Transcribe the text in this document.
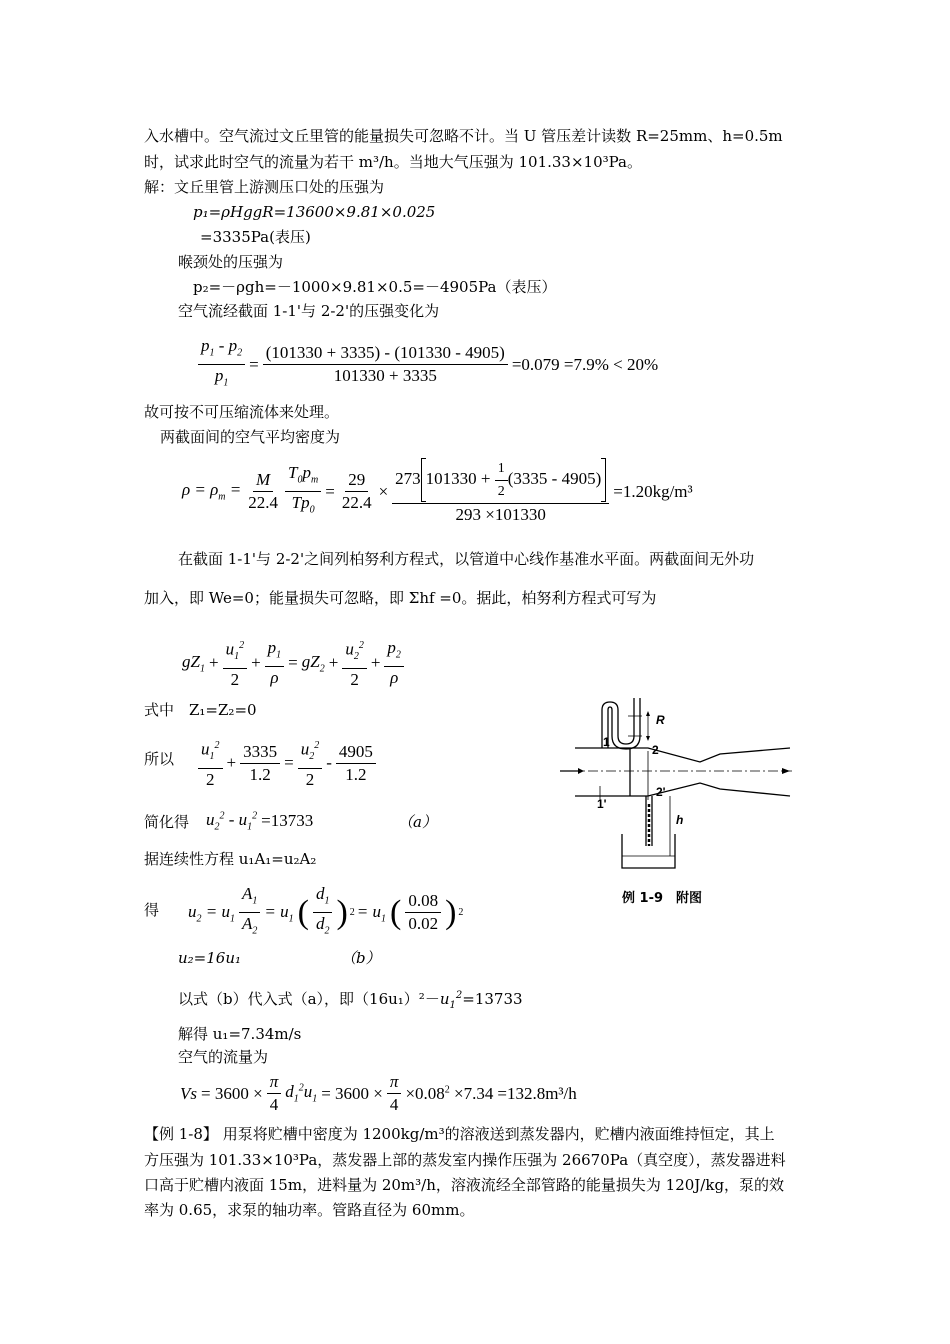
入水槽中。空气流过文丘里管的能量损失可忽略不计。当 U 管压差计读数 R=25mm、h=0.5m
时，试求此时空气的流量为若干 m³/h。当地大气压强为 101.33×10³Pa。
解：文丘里管上游测压口处的压强为
p₁=ρHggR=13600×9.81×0.025
=3335Pa(表压)
喉颈处的压强为
p₂=－ρgh=－1000×9.81×0.5=－4905Pa（表压）
空气流经截面 1-1'与 2-2'的压强变化为
$\frac{p_1 - p_2}{p_1} = \frac{(101330 + 3335) - (101330 - 4905)}{101330 + 3335} =0.079 =7.9\% < 20\%$
故可按不可压缩流体来处理。
两截面间的空气平均密度为
$\rho = \rho_m = \frac{M}{22.4} \frac{T_0p_m}{Tp_0} = \frac{29}{22.4} \times \frac{273 101330 + \frac{1}{2} (3335 - 4905)}{293 \times 101330} =1.20kg/m^3$
在截面 1-1'与 2-2'之间列柏努利方程式，以管道中心线作基准水平面。两截面间无外功
加入，即 We=0；能量损失可忽略，即 Σhf =0。据此，柏努利方程式可写为
$gZ_1 + \frac{u_1^2}{2} + \frac{p_1}{\rho} = gZ_2 + \frac{u_2^2}{2} + \frac{p_2}{\rho}$
式中　Z₁=Z₂=0
所以
$u_1^2$
2
+ $\frac{3335}{1.2} = \frac{u_2^2}{2}$ -
4905
1.2
简化得 $u_2^2 - u_1^2 =13733$	（a）
据连续性方程 u₁A₁=u₂A₂
得 $u_2 = u_1 \frac{A_1}{A_2} = u_1$ (
$d_1$
$d_2$
) $2 = u_1$ ( 0.08
0.02 ) 2
u₂=16u₁	（b）
以式（b）代入式（a），即$(16u_1)^2-u_1^2=13733$
解得 u₁=7.34m/s
空气的流量为
$Vs = 3600 \times \frac{\pi}{4} d_1^2u_1 = 3600 \times \frac{\pi}{4} \times 0.08^2 \times 7.34 =132.8m^3/h$
【例 1-8】 用泵将贮槽中密度为 1200kg/m³的溶液送到蒸发器内，贮槽内液面维持恒定，其上
方压强为 101.33×10³Pa，蒸发器上部的蒸发室内操作压强为 26670Pa（真空度），蒸发器进料
口高于贮槽内液面 15m，进料量为 20m³/h，溶液流经全部管路的能量损失为 120J/kg，泵的效
率为 0.65，求泵的轴功率。管路直径为 60mm。
R
1
2
1'
2'
h
例 1-9　附图
